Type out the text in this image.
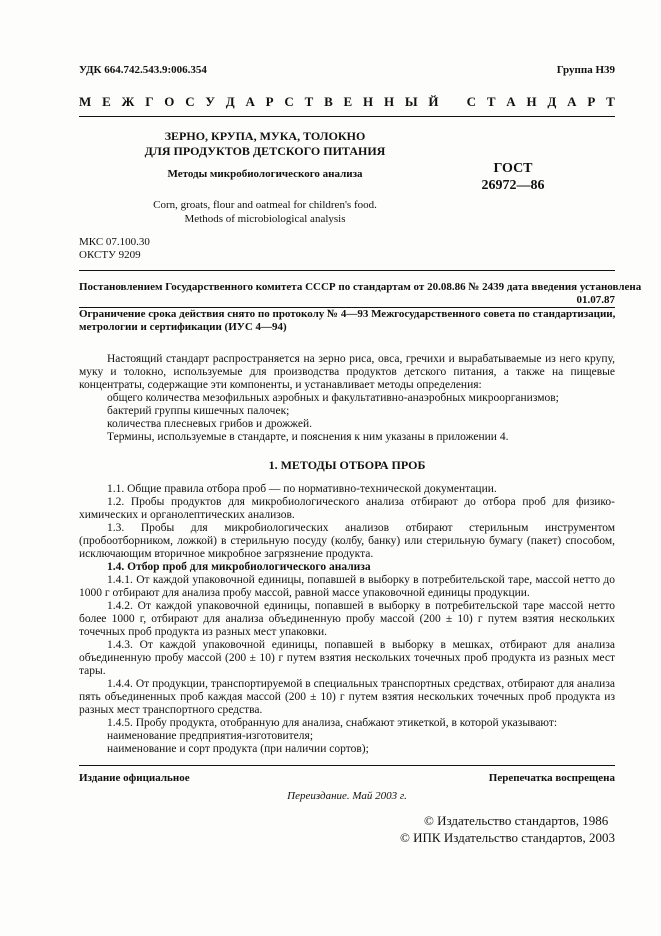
УДК 664.742.543.9:006.354	Группа Н39
М Е Ж Г О С У Д А Р С Т В Е Н Н Ы Й
С Т А Н Д А Р Т
ЗЕРНО, КРУПА, МУКА, ТОЛОКНО
ДЛЯ ПРОДУКТОВ ДЕТСКОГО ПИТАНИЯ
Методы микробиологического анализа
Corn, groats, flour and oatmeal for children's food.
Methods of microbiological analysis
ГОСТ
26972—86
МКС 07.100.30
ОКСТУ 9209
Постановлением Государственного комитета СССР по стандартам от 20.08.86 № 2439 дата введения установлена
01.07.87
Ограничение срока действия снято по протоколу № 4—93 Межгосударственного совета по стандартизации,
метрологии и сертификации (ИУС 4—94)
Настоящий стандарт распространяется на зерно риса, овса, гречихи и вырабатываемые из него крупу, муку и толокно, используемые для производства продуктов детского питания, а также на пищевые концентраты, содержащие эти компоненты, и устанавливает методы определения:
общего количества мезофильных аэробных и факультативно-анаэробных микроорганизмов;
бактерий группы кишечных палочек;
количества плесневых грибов и дрожжей.
Термины, используемые в стандарте, и пояснения к ним указаны в приложении 4.
1. МЕТОДЫ ОТБОРА ПРОБ
1.1. Общие правила отбора проб — по нормативно-технической документации.
1.2. Пробы продуктов для микробиологического анализа отбирают до отбора проб для физико-химических и органолептических анализов.
1.3. Пробы для микробиологических анализов отбирают стерильным инструментом (пробоотборником, ложкой) в стерильную посуду (колбу, банку) или стерильную бумагу (пакет) способом, исключающим вторичное микробное загрязнение продукта.
1.4. Отбор проб для микробиологического анализа
1.4.1. От каждой упаковочной единицы, попавшей в выборку в потребительской таре, массой нетто до 1000 г отбирают для анализа пробу массой, равной массе упаковочной единицы продукции.
1.4.2. От каждой упаковочной единицы, попавшей в выборку в потребительской таре массой нетто более 1000 г, отбирают для анализа объединенную пробу массой (200 ± 10) г путем взятия нескольких точечных проб продукта из разных мест упаковки.
1.4.3. От каждой упаковочной единицы, попавшей в выборку в мешках, отбирают для анализа объединенную пробу массой (200 ± 10) г путем взятия нескольких точечных проб продукта из разных мест тары.
1.4.4. От продукции, транспортируемой в специальных транспортных средствах, отбирают для анализа пять объединенных проб каждая массой (200 ± 10) г путем взятия нескольких точечных проб продукта из разных мест транспортного средства.
1.4.5. Пробу продукта, отобранную для анализа, снабжают этикеткой, в которой указывают:
наименование предприятия-изготовителя;
наименование и сорт продукта (при наличии сортов);
Издание официальное	Перепечатка воспрещена
Переиздание. Май 2003 г.
© Издательство стандартов, 1986
© ИПК Издательство стандартов, 2003
